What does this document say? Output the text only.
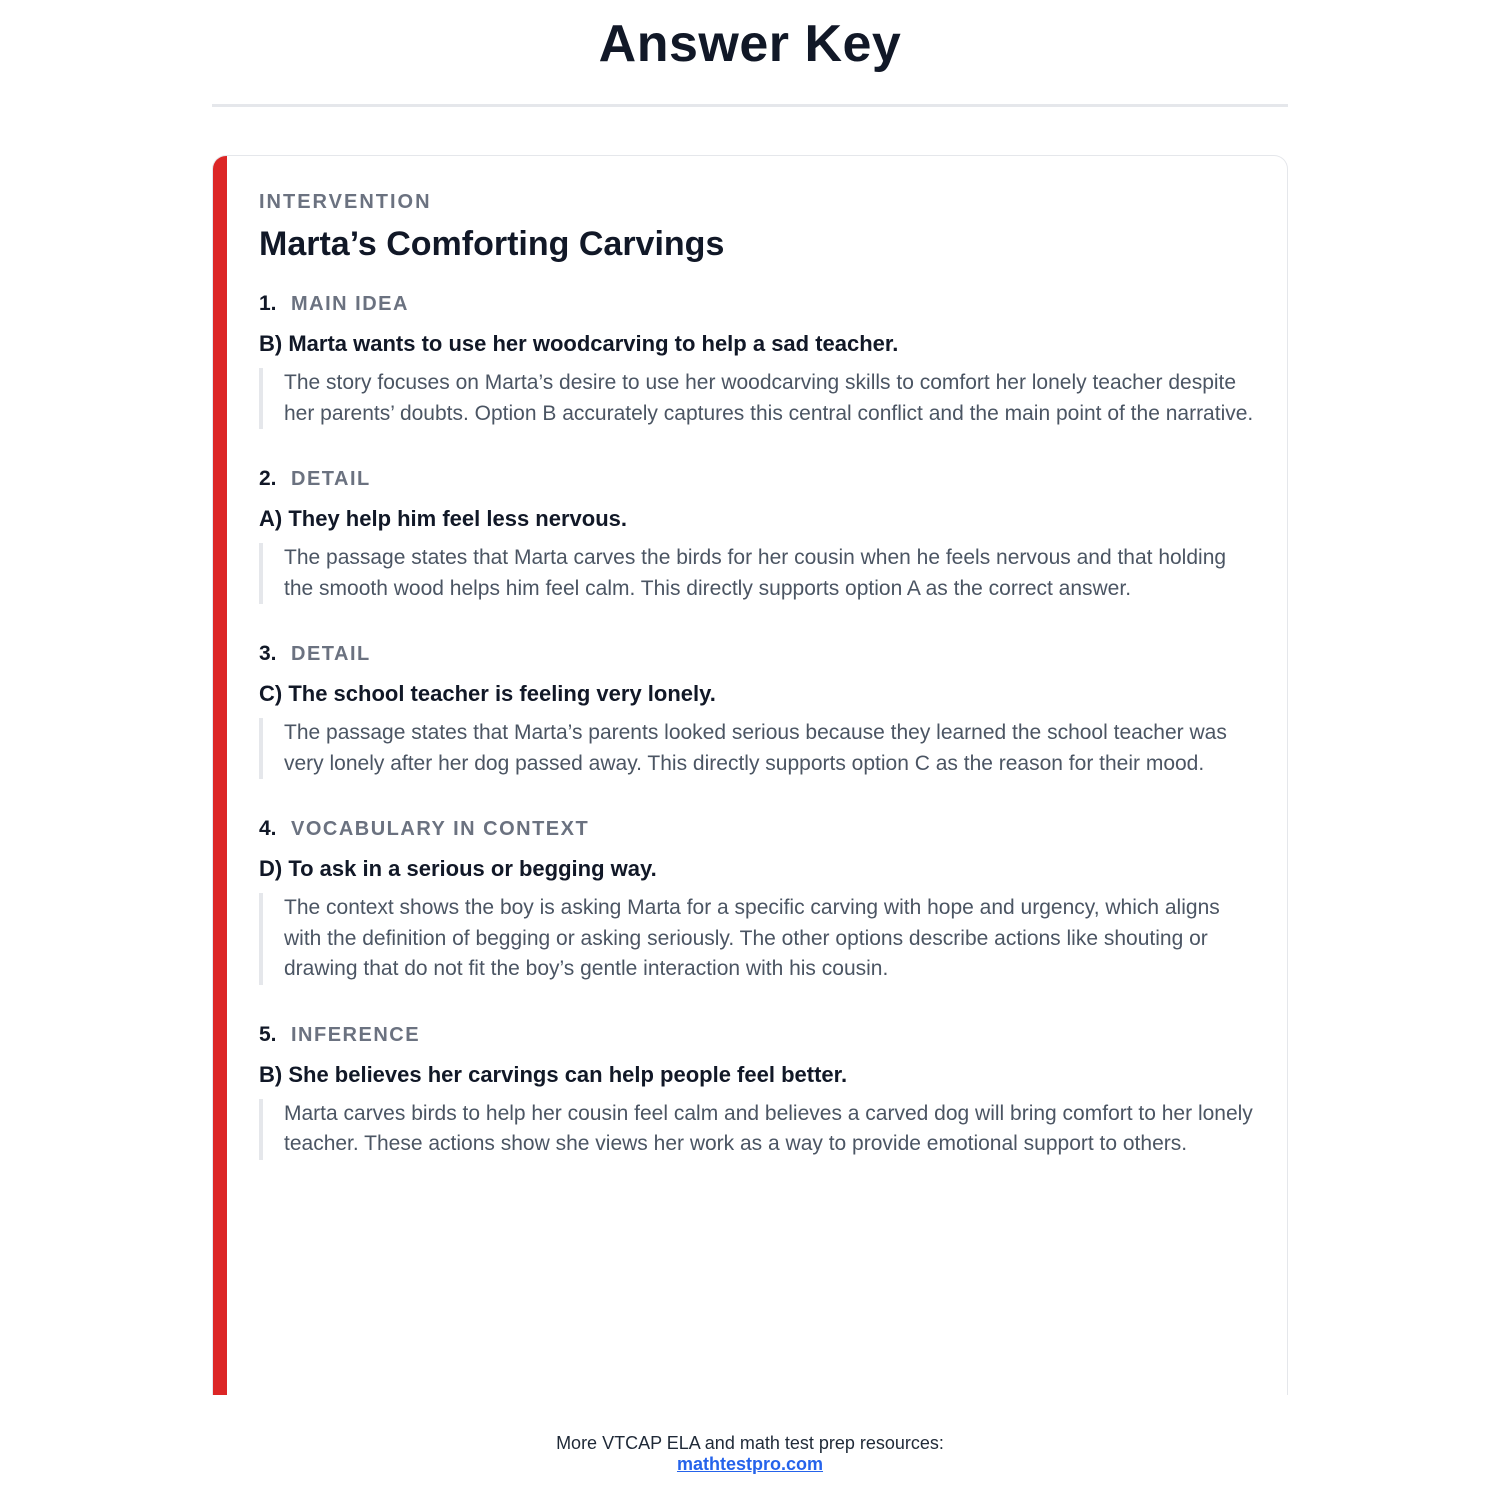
Answer Key
INTERVENTION
Marta’s Comforting Carvings
1. MAIN IDEA
B) Marta wants to use her woodcarving to help a sad teacher.
The story focuses on Marta’s desire to use her woodcarving skills to comfort her lonely teacher despite her parents’ doubts. Option B accurately captures this central conflict and the main point of the narrative.
2. DETAIL
A) They help him feel less nervous.
The passage states that Marta carves the birds for her cousin when he feels nervous and that holding the smooth wood helps him feel calm. This directly supports option A as the correct answer.
3. DETAIL
C) The school teacher is feeling very lonely.
The passage states that Marta’s parents looked serious because they learned the school teacher was very lonely after her dog passed away. This directly supports option C as the reason for their mood.
4. VOCABULARY IN CONTEXT
D) To ask in a serious or begging way.
The context shows the boy is asking Marta for a specific carving with hope and urgency, which aligns with the definition of begging or asking seriously. The other options describe actions like shouting or drawing that do not fit the boy’s gentle interaction with his cousin.
5. INFERENCE
B) She believes her carvings can help people feel better.
Marta carves birds to help her cousin feel calm and believes a carved dog will bring comfort to her lonely teacher. These actions show she views her work as a way to provide emotional support to others.
More VTCAP ELA and math test prep resources:
mathtestpro.com
